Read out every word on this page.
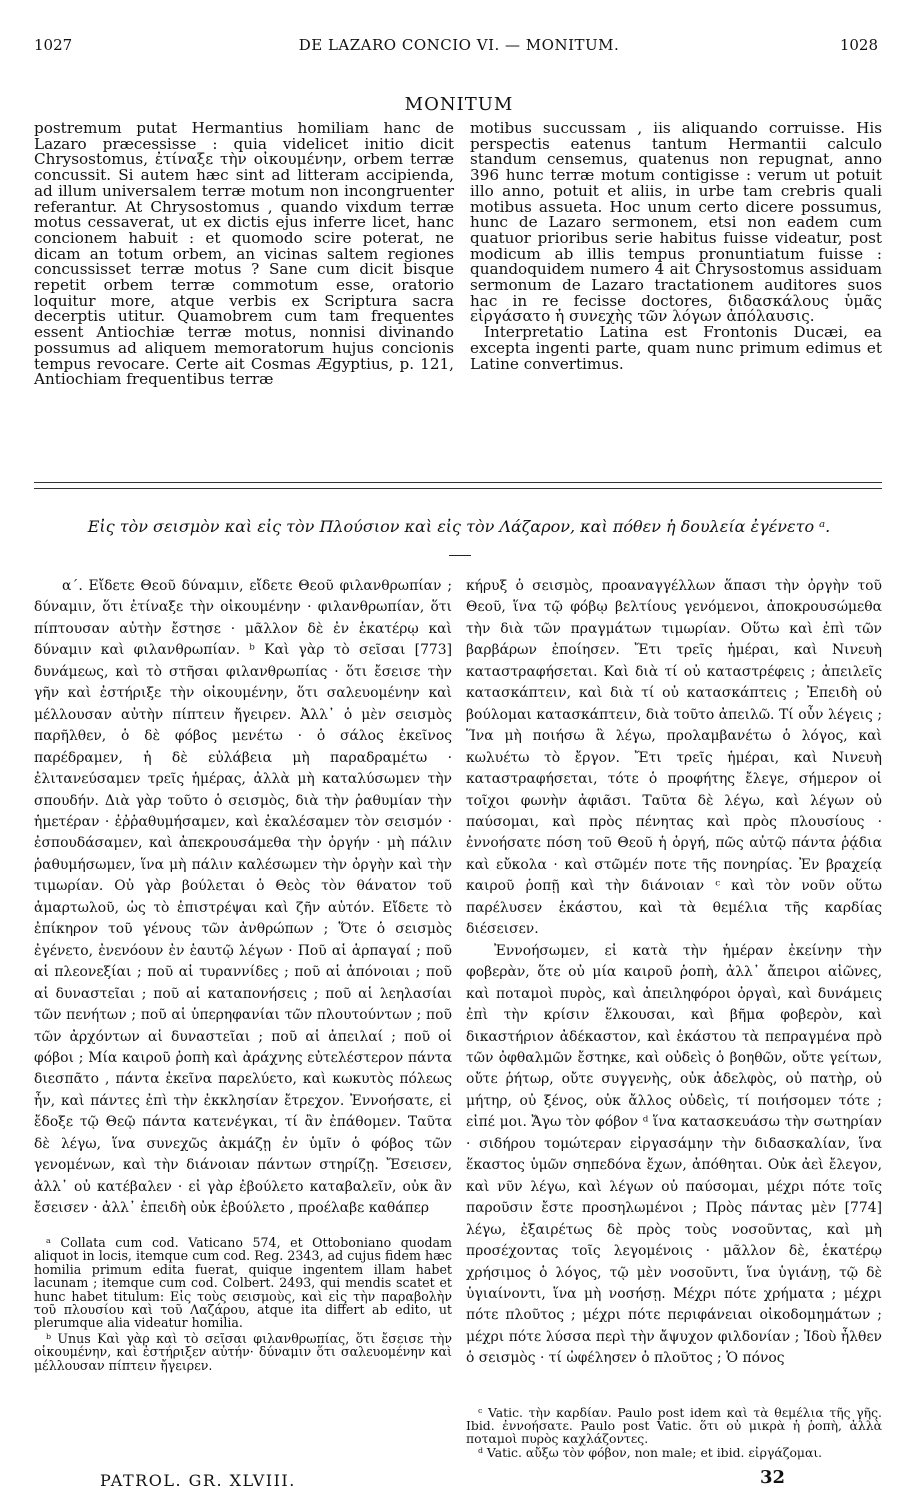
1027	DE LAZARO CONCIO VI. — MONITUM.	1028
MONITUM

postremum putat Hermantius homiliam hanc de Lazaro præcessisse : quia videlicet initio dicit Chrysostomus, ἐτίναξε τὴν οἰκουμένην, orbem terræ concussit. Si autem hæc sint ad litteram accipienda, ad illum universalem terræ motum non incongruenter referantur. At Chrysostomus , quando vixdum terræ motus cessaverat, ut ex dictis ejus inferre licet, hanc concionem habuit : et quomodo scire poterat, ne dicam an totum orbem, an vicinas saltem regiones concussisset terræ motus ? Sane cum dicit bisque repetit orbem terræ commotum esse, oratorio loquitur more, atque verbis ex Scriptura sacra decerptis utitur. Quamobrem cum tam frequentes essent Antiochiæ terræ motus, nonnisi divinando possumus ad aliquem memoratorum hujus concionis tempus revocare. Certe ait Cosmas Ægyptius, p. 121, Antiochiam frequentibus terræ

motibus succussam , iis aliquando corruisse. His perspectis eatenus tantum Hermantii calculo standum censemus, quatenus non repugnat, anno 396 hunc terræ motum contigisse : verum ut potuit illo anno, potuit et aliis, in urbe tam crebris quali motibus assueta. Hoc unum certo dicere possumus, hunc de Lazaro sermonem, etsi non eadem cum quatuor prioribus serie habitus fuisse videatur, post modicum ab illis tempus pronuntiatum fuisse : quandoquidem numero 4 ait Chrysostomus assiduam sermonum de Lazaro tractationem auditores suos hac in re fecisse doctores, διδασκάλους ὑμᾶς εἰργάσατο ἡ συνεχὴς τῶν λόγων ἀπόλαυσις.

Interpretatio Latina est Frontonis Ducæi, ea excepta ingenti parte, quam nunc primum edimus et Latine convertimus.

Εἰς τὸν σεισμὸν καὶ εἰς τὸν Πλούσιον καὶ εἰς τὸν Λάζαρον, καὶ πόθεν ἡ δουλεία ἐγένετο ᵃ.

α΄. Εἴδετε Θεοῦ δύναμιν, εἴδετε Θεοῦ φιλανθρωπίαν ; δύναμιν, ὅτι ἐτίναξε τὴν οἰκουμένην · φιλανθρωπίαν, ὅτι πίπτουσαν αὐτὴν ἔστησε · μᾶλλον δὲ ἐν ἑκατέρῳ καὶ δύναμιν καὶ φιλανθρωπίαν. ᵇ Καὶ γὰρ τὸ σεῖσαι [773] δυνάμεως, καὶ τὸ στῆσαι φιλανθρωπίας · ὅτι ἔσεισε τὴν γῆν καὶ ἐστήριξε τὴν οἰκουμένην, ὅτι σαλευομένην καὶ μέλλουσαν αὐτὴν πίπτειν ἤγειρεν. Ἀλλ᾽ ὁ μὲν σεισμὸς παρῆλθεν, ὁ δὲ φόβος μενέτω · ὁ σάλος ἐκεῖνος παρέδραμεν, ἡ δὲ εὐλάβεια μὴ παραδραμέτω · ἐλιτανεύσαμεν τρεῖς ἡμέρας, ἀλλὰ μὴ καταλύσωμεν τὴν σπουδήν. Διὰ γὰρ τοῦτο ὁ σεισμὸς, διὰ τὴν ῥαθυμίαν τὴν ἡμετέραν · ἐῤῥαθυμήσαμεν, καὶ ἐκαλέσαμεν τὸν σεισμόν · ἐσπουδάσαμεν, καὶ ἀπεκρουσάμεθα τὴν ὀργήν · μὴ πάλιν ῥαθυμήσωμεν, ἵνα μὴ πάλιν καλέσωμεν τὴν ὀργὴν καὶ τὴν τιμωρίαν. Οὐ γὰρ βούλεται ὁ Θεὸς τὸν θάνατον τοῦ ἁμαρτωλοῦ, ὡς τὸ ἐπιστρέψαι καὶ ζῆν αὐτόν. Εἴδετε τὸ ἐπίκηρον τοῦ γένους τῶν ἀνθρώπων ; Ὅτε ὁ σεισμὸς ἐγένετο, ἐνενόουν ἐν ἑαυτῷ λέγων · Ποῦ αἱ ἁρπαγαί ; ποῦ αἱ πλεονεξίαι ; ποῦ αἱ τυραννίδες ; ποῦ αἱ ἀπόνοιαι ; ποῦ αἱ δυναστεῖαι ; ποῦ αἱ καταπονήσεις ; ποῦ αἱ λεηλασίαι τῶν πενήτων ; ποῦ αἱ ὑπερηφανίαι τῶν πλουτούντων ; ποῦ τῶν ἀρχόντων αἱ δυναστεῖαι ; ποῦ αἱ ἀπειλαί ; ποῦ οἱ φόβοι ; Μία καιροῦ ῥοπὴ καὶ ἀράχνης εὐτελέστερον πάντα διεσπᾶτο , πάντα ἐκεῖνα παρελύετο, καὶ κωκυτὸς πόλεως ἦν, καὶ πάντες ἐπὶ τὴν ἐκκλησίαν ἔτρεχον. Ἐννοήσατε, εἰ ἔδοξε τῷ Θεῷ πάντα κατενέγκαι, τί ἂν ἐπάθομεν. Ταῦτα δὲ λέγω, ἵνα συνεχῶς ἀκμάζῃ ἐν ὑμῖν ὁ φόβος τῶν γενομένων, καὶ τὴν διάνοιαν πάντων στηρίζῃ. Ἔσεισεν, ἀλλ᾽ οὐ κατέβαλεν · εἰ γὰρ ἐβούλετο καταβαλεῖν, οὐκ ἂν ἔσεισεν · ἀλλ᾽ ἐπειδὴ οὐκ ἐβούλετο , προέλαβε καθάπερ

κήρυξ ὁ σεισμὸς, προαναγγέλλων ἅπασι τὴν ὀργὴν τοῦ Θεοῦ, ἵνα τῷ φόβῳ βελτίους γενόμενοι, ἀποκρουσώμεθα τὴν διὰ τῶν πραγμάτων τιμωρίαν. Οὕτω καὶ ἐπὶ τῶν βαρβάρων ἐποίησεν. Ἔτι τρεῖς ἡμέραι, καὶ Νινευὴ καταστραφήσεται. Καὶ διὰ τί οὐ καταστρέφεις ; ἀπειλεῖς κατασκάπτειν, καὶ διὰ τί οὐ κατασκάπτεις ; Ἐπειδὴ οὐ βούλομαι κατασκάπτειν, διὰ τοῦτο ἀπειλῶ. Τί οὖν λέγεις ; Ἵνα μὴ ποιήσω ἃ λέγω, προλαμβανέτω ὁ λόγος, καὶ κωλυέτω τὸ ἔργον. Ἔτι τρεῖς ἡμέραι, καὶ Νινευὴ καταστραφήσεται, τότε ὁ προφήτης ἔλεγε, σήμερον οἱ τοῖχοι φωνὴν ἀφιᾶσι. Ταῦτα δὲ λέγω, καὶ λέγων οὐ παύσομαι, καὶ πρὸς πένητας καὶ πρὸς πλουσίους · ἐννοήσατε πόση τοῦ Θεοῦ ἡ ὀργή, πῶς αὐτῷ πάντα ῥᾴδια καὶ εὔκολα · καὶ στῶμέν ποτε τῆς πονηρίας. Ἐν βραχείᾳ καιροῦ ῥοπῇ καὶ τὴν διάνοιαν ᶜ καὶ τὸν νοῦν οὕτω παρέλυσεν ἑκάστου, καὶ τὰ θεμέλια τῆς καρδίας διέσεισεν.

Ἐννοήσωμεν, εἰ κατὰ τὴν ἡμέραν ἐκείνην τὴν φοβερὰν, ὅτε οὐ μία καιροῦ ῥοπὴ, ἀλλ᾽ ἄπειροι αἰῶνες, καὶ ποταμοὶ πυρὸς, καὶ ἀπειληφόροι ὀργαὶ, καὶ δυνάμεις ἐπὶ τὴν κρίσιν ἕλκουσαι, καὶ βῆμα φοβερὸν, καὶ δικαστήριον ἀδέκαστον, καὶ ἑκάστου τὰ πεπραγμένα πρὸ τῶν ὀφθαλμῶν ἔστηκε, καὶ οὐδεὶς ὁ βοηθῶν, οὔτε γείτων, οὔτε ῥήτωρ, οὔτε συγγενὴς, οὐκ ἀδελφὸς, οὐ πατὴρ, οὐ μήτηρ, οὐ ξένος, οὐκ ἄλλος οὐδεὶς, τί ποιήσομεν τότε ; εἰπέ μοι. Ἄγω τὸν φόβον ᵈ ἵνα κατασκευάσω τὴν σωτηρίαν · σιδήρου τομώτεραν εἰργασάμην τὴν διδασκαλίαν, ἵνα ἕκαστος ὑμῶν σηπεδόνα ἔχων, ἀπόθηται. Οὐκ ἀεὶ ἔλεγον, καὶ νῦν λέγω, καὶ λέγων οὐ παύσομαι, μέχρι πότε τοῖς παροῦσιν ἔστε προσηλωμένοι ; Πρὸς πάντας μὲν [774] λέγω, ἐξαιρέτως δὲ πρὸς τοὺς νοσοῦντας, καὶ μὴ προσέχοντας τοῖς λεγομένοις · μᾶλλον δὲ, ἑκατέρῳ χρήσιμος ὁ λόγος, τῷ μὲν νοσοῦντι, ἵνα ὑγιάνῃ, τῷ δὲ ὑγιαίνοντι, ἵνα μὴ νοσήσῃ. Μέχρι πότε χρήματα ; μέχρι πότε πλοῦτος ; μέχρι πότε περιφάνειαι οἰκοδομημάτων ; μέχρι πότε λύσσα περὶ τὴν ἄψυχον φιλδονίαν ; Ἰδοὺ ἦλθεν ὁ σεισμὸς · τί ὠφέλησεν ὁ πλοῦτος ; Ὁ πόνος

ᵃ Collata cum cod. Vaticano 574, et Ottoboniano quodam aliquot in locis, itemque cum cod. Reg. 2343, ad cujus fidem hæc homilia primum edita fuerat, quique ingentem illam habet lacunam ; itemque cum cod. Colbert. 2493, qui mendis scatet et hunc habet titulum: Εἰς τοὺς σεισμοὺς, καὶ εἰς τὴν παραβολὴν τοῦ πλουσίου καὶ τοῦ Λαζάρου, atque ita differt ab edito, ut plerumque alia videatur homilia.

ᵇ Unus Καὶ γὰρ καὶ τὸ σεῖσαι φιλανθρωπίας, ὅτι ἔσεισε τὴν οἰκουμένην, καὶ ἐστήριξεν αὐτήν· δύναμιν ὅτι σαλευομένην καὶ μέλλουσαν πίπτειν ἤγειρεν.

ᶜ Vatic. τὴν καρδίαν. Paulo post idem καὶ τὰ θεμέλια τῆς γῆς. Ibid. ἐννοήσατε. Paulo post Vatic. ὅτι οὐ μικρὰ ἡ ῥοπὴ, ἀλλὰ ποταμοὶ πυρὸς καχλάζοντες.

ᵈ Vatic. αὔξω τὸν φόβον, non male; et ibid. εἰργάζομαι.

PATROL. GR. XLVIII.	32
